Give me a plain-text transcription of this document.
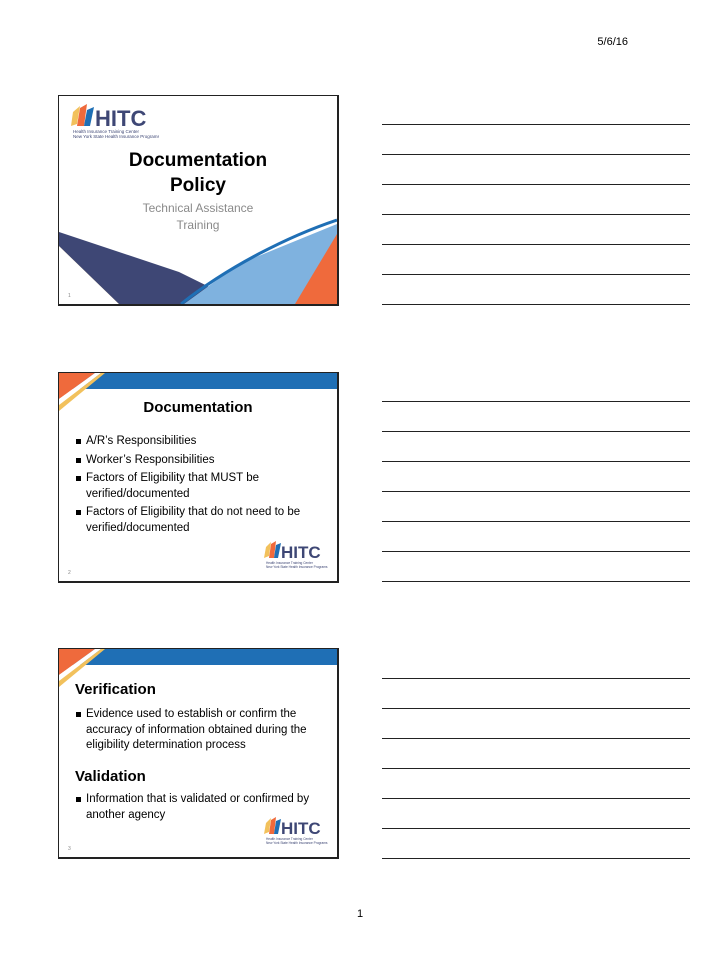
5/6/16
HITC
Health Insurance Training Center
New York State Health Insurance Programs
Documentation
Policy
Technical Assistance
Training
1
Documentation
A/R’s Responsibilities
Worker’s Responsibilities
Factors of Eligibility that MUST be verified/documented
Factors of Eligibility that do not need to be verified/documented
HITC
Health Insurance Training Center
New York State Health Insurance Programs
2
Verification
Evidence used to establish or confirm the accuracy of information obtained during the eligibility determination process
Validation
Information that is validated or confirmed by another agency
HITC
Health Insurance Training Center
New York State Health Insurance Programs
3
1
